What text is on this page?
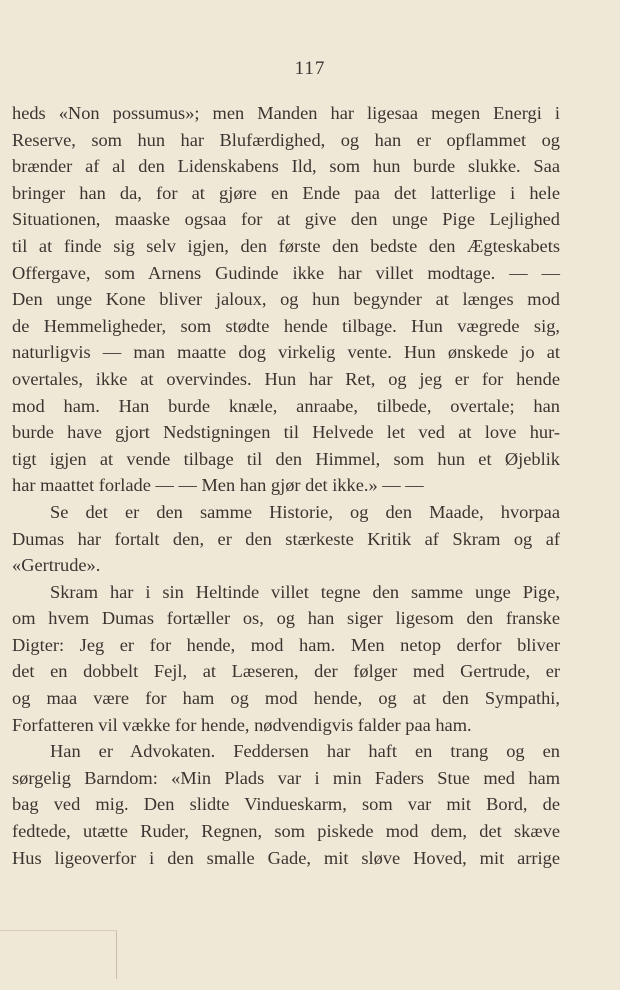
117
heds «Non possumus»; men Manden har ligesaa megen Energi i
Reserve, som hun har Blufærdighed, og han er opflammet og
brænder af al den Lidenskabens Ild, som hun burde slukke. Saa
bringer han da, for at gjøre en Ende paa det latterlige i hele
Situationen, maaske ogsaa for at give den unge Pige Lejlighed
til at finde sig selv igjen, den første den bedste den Ægteskabets
Offergave, som Arnens Gudinde ikke har villet modtage. — —
Den unge Kone bliver jaloux, og hun begynder at længes mod
de Hemmeligheder, som stødte hende tilbage. Hun vægrede sig,
naturligvis — man maatte dog virkelig vente. Hun ønskede jo at
overtales, ikke at overvindes. Hun har Ret, og jeg er for hende
mod ham. Han burde knæle, anraabe, tilbede, overtale; han
burde have gjort Nedstigningen til Helvede let ved at love hur-
tigt igjen at vende tilbage til den Himmel, som hun et Øjeblik
har maattet forlade — — Men han gjør det ikke.» — —
Se det er den samme Historie, og den Maade, hvorpaa
Dumas har fortalt den, er den stærkeste Kritik af Skram og af
«Gertrude».
Skram har i sin Heltinde villet tegne den samme unge Pige,
om hvem Dumas fortæller os, og han siger ligesom den franske
Digter: Jeg er for hende, mod ham. Men netop derfor bliver
det en dobbelt Fejl, at Læseren, der følger med Gertrude, er
og maa være for ham og mod hende, og at den Sympathi,
Forfatteren vil vække for hende, nødvendigvis falder paa ham.
Han er Advokaten. Feddersen har haft en trang og en
sørgelig Barndom: «Min Plads var i min Faders Stue med ham
bag ved mig. Den slidte Vindueskarm, som var mit Bord, de
fedtede, utætte Ruder, Regnen, som piskede mod dem, det skæve
Hus ligeoverfor i den smalle Gade, mit sløve Hoved, mit arrige
